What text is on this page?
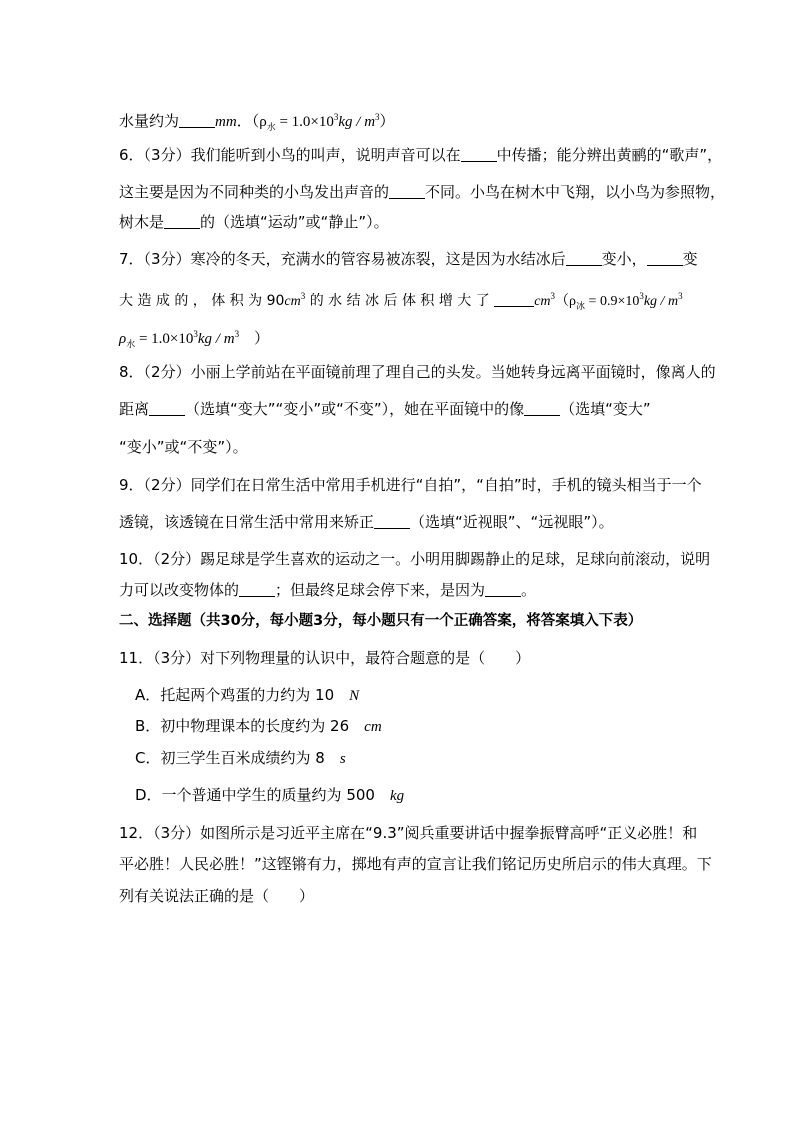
水量约为 mm．$(\rho_水 = 1.0\times 10^3kg / m^3)$
6．（3分）我们能听到小鸟的叫声，说明声音可以在 中传播；能分辨出黄鹂的“歌声”，
这主要是因为不同种类的小鸟发出声音的 不同。小鸟在树木中飞翔，以小鸟为参照物，
树木是 的（选填“运动”或“静止”）。
7．（3分）寒冷的冬天，充满水的管容易被冻裂，这是因为水结冰后 变小， 变
大 造 成 的 ， 体 积 为 $90cm^3$ 的 水 结 冰 后 体 积 增 大 了	$cm^3(\rho_冰 = 0.9\times 10^3kg / m^3$
$\rho_水 = 1.0\times 10^3kg / m^3$　）
8．（2分）小丽上学前站在平面镜前理了理自己的头发。当她转身远离平面镜时，像离人的
距离 （选填“变大”“变小”或“不变”），她在平面镜中的像 （选填“变大”
“变小”或“不变”）。
9．（2分）同学们在日常生活中常用手机进行“自拍”，“自拍”时，手机的镜头相当于一个
透镜，该透镜在日常生活中常用来矫正 （选填“近视眼”、“远视眼”）。
10．（2分）踢足球是学生喜欢的运动之一。小明用脚踢静止的足球，足球向前滚动，说明
力可以改变物体的 ；但最终足球会停下来，是因为 。
二、选择题（共30分，每小题3分，每小题只有一个正确答案，将答案填入下表）
11．（3分）对下列物理量的认识中，最符合题意的是（　　）
A．托起两个鸡蛋的力约为 10　 N
B．初中物理课本的长度约为 26　 cm
C．初三学生百米成绩约为 8　 s
D．一个普通中学生的质量约为 500　 kg
12．（3分）如图所示是习近平主席在“9.3”阅兵重要讲话中握拳振臂高呼“正义必胜！和
平必胜！人民必胜！”这铿锵有力，掷地有声的宣言让我们铭记历史所启示的伟大真理。下
列有关说法正确的是（　　）
